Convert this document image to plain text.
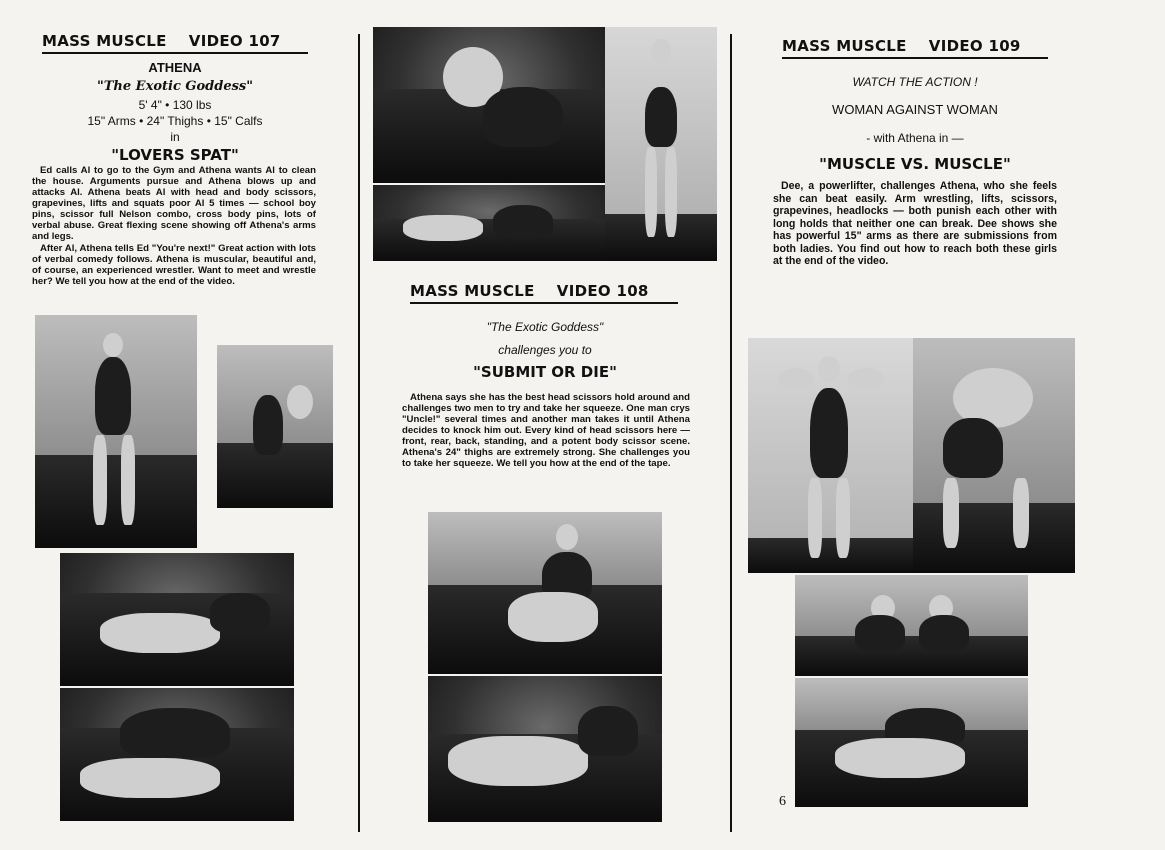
MASS MUSCLE    VIDEO 107
ATHENA
"The Exotic Goddess"
5' 4" • 130 lbs
15" Arms • 24" Thighs • 15" Calfs
in
"LOVERS SPAT"
Ed calls Al to go to the Gym and Athena wants Al to clean the house. Arguments pursue and Athena blows up and attacks Al. Athena beats Al with head and body scissors, grapevines, lifts and squats poor Al 5 times — school boy pins, scissor full Nelson combo, cross body pins, lots of verbal abuse. Great flexing scene showing off Athena's arms and legs.
After Al, Athena tells Ed "You're next!" Great action with lots of verbal comedy follows. Athena is muscular, beautiful and, of course, an experienced wrestler. Want to meet and wrestle her? We tell you how at the end of the video.
MASS MUSCLE    VIDEO 108
"The Exotic Goddess"
challenges you to
"SUBMIT OR DIE"
Athena says she has the best head scissors hold around and challenges two men to try and take her squeeze. One man crys "Uncle!" several times and another man takes it until Athena decides to knock him out. Every kind of head scissors here — front, rear, back, standing, and a potent body scissor scene. Athena's 24" thighs are extremely strong. She challenges you to take her squeeze. We tell you how at the end of the tape.
MASS MUSCLE    VIDEO 109
WATCH THE ACTION !
WOMAN AGAINST WOMAN
- with Athena in —
"MUSCLE VS. MUSCLE"
Dee, a powerlifter, challenges Athena, who she feels she can beat easily. Arm wrestling, lifts, scissors, grapevines, headlocks — both punish each other with long holds that neither one can break. Dee shows she has powerful 15" arms as there are submissions from both ladies. You find out how to reach both these girls at the end of the video.
6
